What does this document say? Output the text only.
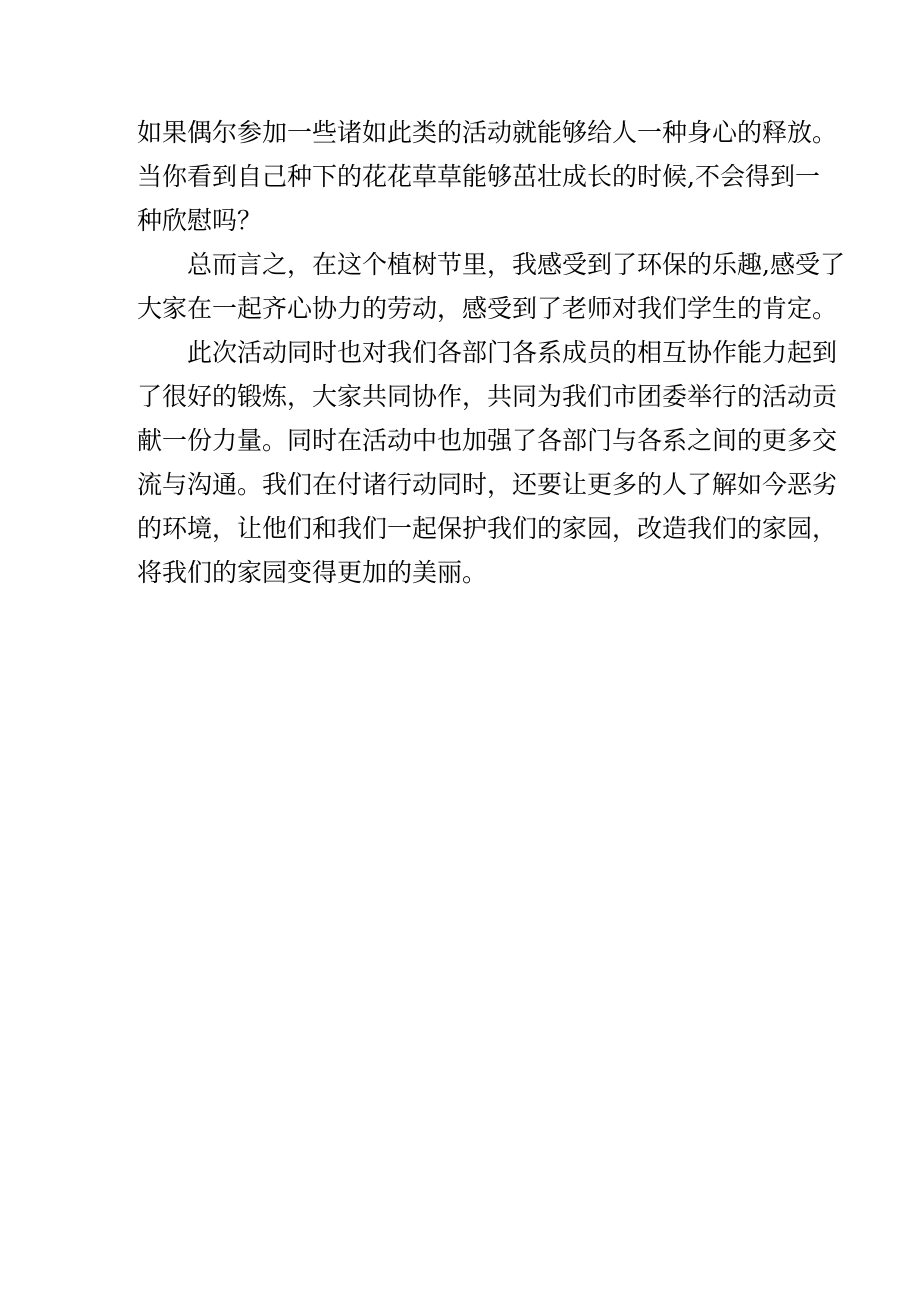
如果偶尔参加一些诸如此类的活动就能够给人一种身心的释放。
当你看到自己种下的花花草草能够茁壮成长的时候,不会得到一
种欣慰吗？

　　总而言之，在这个植树节里，我感受到了环保的乐趣,感受了
大家在一起齐心协力的劳动，感受到了老师对我们学生的肯定。

　　此次活动同时也对我们各部门各系成员的相互协作能力起到
了很好的锻炼，大家共同协作，共同为我们市团委举行的活动贡
献一份力量。同时在活动中也加强了各部门与各系之间的更多交
流与沟通。我们在付诸行动同时，还要让更多的人了解如今恶劣
的环境，让他们和我们一起保护我们的家园，改造我们的家园，
将我们的家园变得更加的美丽。
